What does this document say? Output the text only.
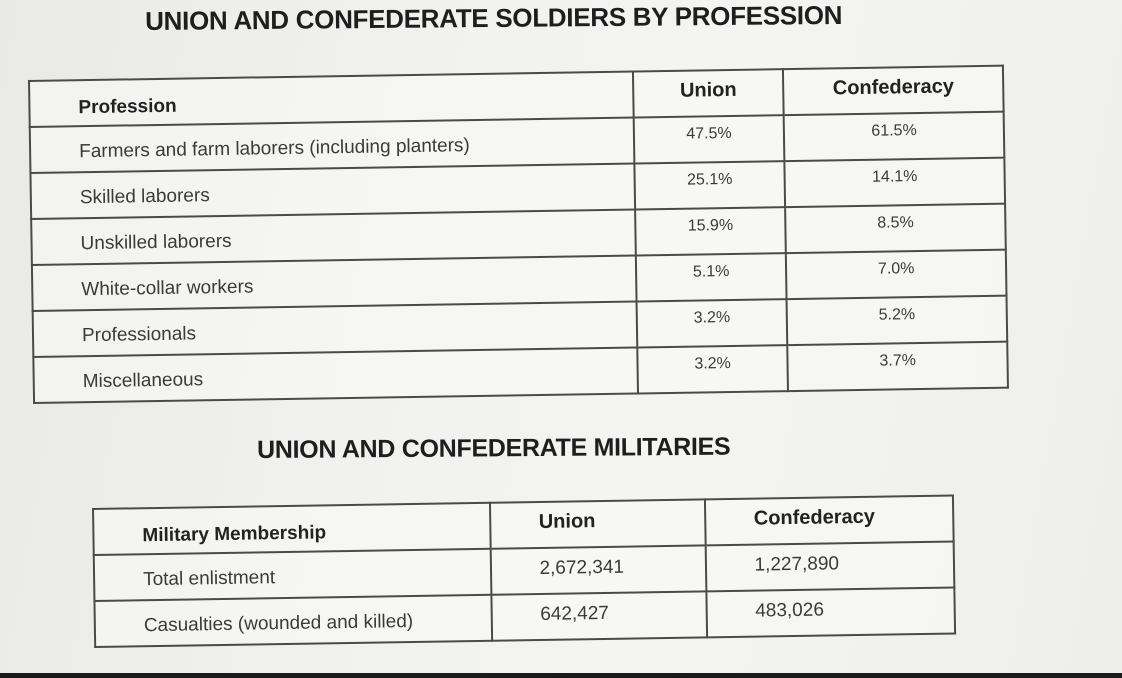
UNION AND CONFEDERATE SOLDIERS BY PROFESSION
Profession	Union	Confederacy
Farmers and farm laborers (including planters)	47.5%	61.5%
Skilled laborers	25.1%	14.1%
Unskilled laborers	15.9%	8.5%
White-collar workers	5.1%	7.0%
Professionals	3.2%	5.2%
Miscellaneous	3.2%	3.7%
UNION AND CONFEDERATE MILITARIES
Military Membership	Union	Confederacy
Total enlistment	2,672,341	1,227,890
Casualties (wounded and killed)	642,427	483,026
